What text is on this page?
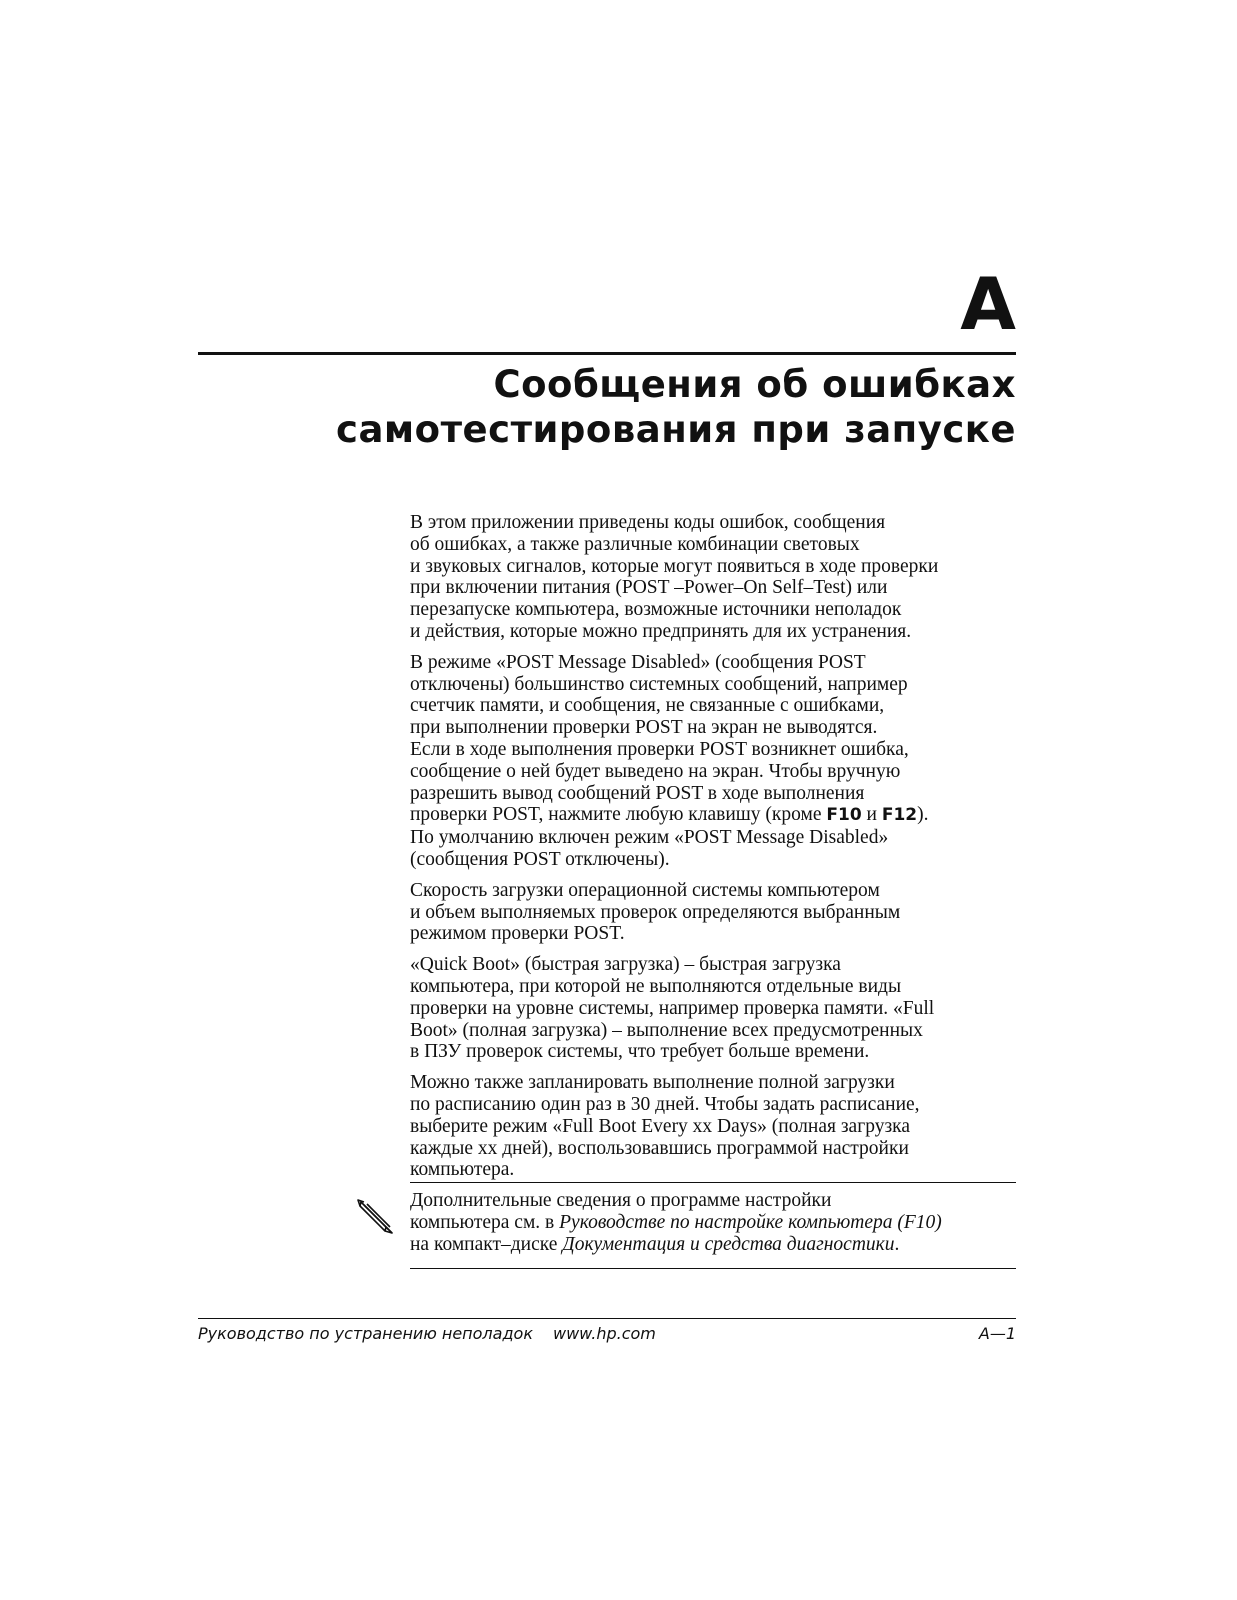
A
Сообщения об ошибках
самотестирования при запуске

В этом приложении приведены коды ошибок, сообщения
об ошибках, а также различные комбинации световых
и звуковых сигналов, которые могут появиться в ходе проверки
при включении питания (POST –Power–On Self–Test) или
перезапуске компьютера, возможные источники неполадок
и действия, которые можно предпринять для их устранения.

В режиме «POST Message Disabled» (сообщения POST
отключены) большинство системных сообщений, например
счетчик памяти, и сообщения, не связанные с ошибками,
при выполнении проверки POST на экран не выводятся.
Если в ходе выполнения проверки POST возникнет ошибка,
сообщение о ней будет выведено на экран. Чтобы вручную
разрешить вывод сообщений POST в ходе выполнения
проверки POST, нажмите любую клавишу (кроме F10 и F12).
По умолчанию включен режим «POST Message Disabled»
(сообщения POST отключены).

Скорость загрузки операционной системы компьютером
и объем выполняемых проверок определяются выбранным
режимом проверки POST.

«Quick Boot» (быстрая загрузка) – быстрая загрузка
компьютера, при которой не выполняются отдельные виды
проверки на уровне системы, например проверка памяти. «Full
Boot» (полная загрузка) – выполнение всех предусмотренных
в ПЗУ проверок системы, что требует больше времени.

Можно также запланировать выполнение полной загрузки
по расписанию один раз в 30 дней. Чтобы задать расписание,
выберите режим «Full Boot Every xx Days» (полная загрузка
каждые xx дней), воспользовавшись программой настройки
компьютера.

Дополнительные сведения о программе настройки
компьютера см. в Руководстве по настройке компьютера (F10)
на компакт–диске Документация и средства диагностики.
Руководство по устранению неполадок www.hp.com	A—1
